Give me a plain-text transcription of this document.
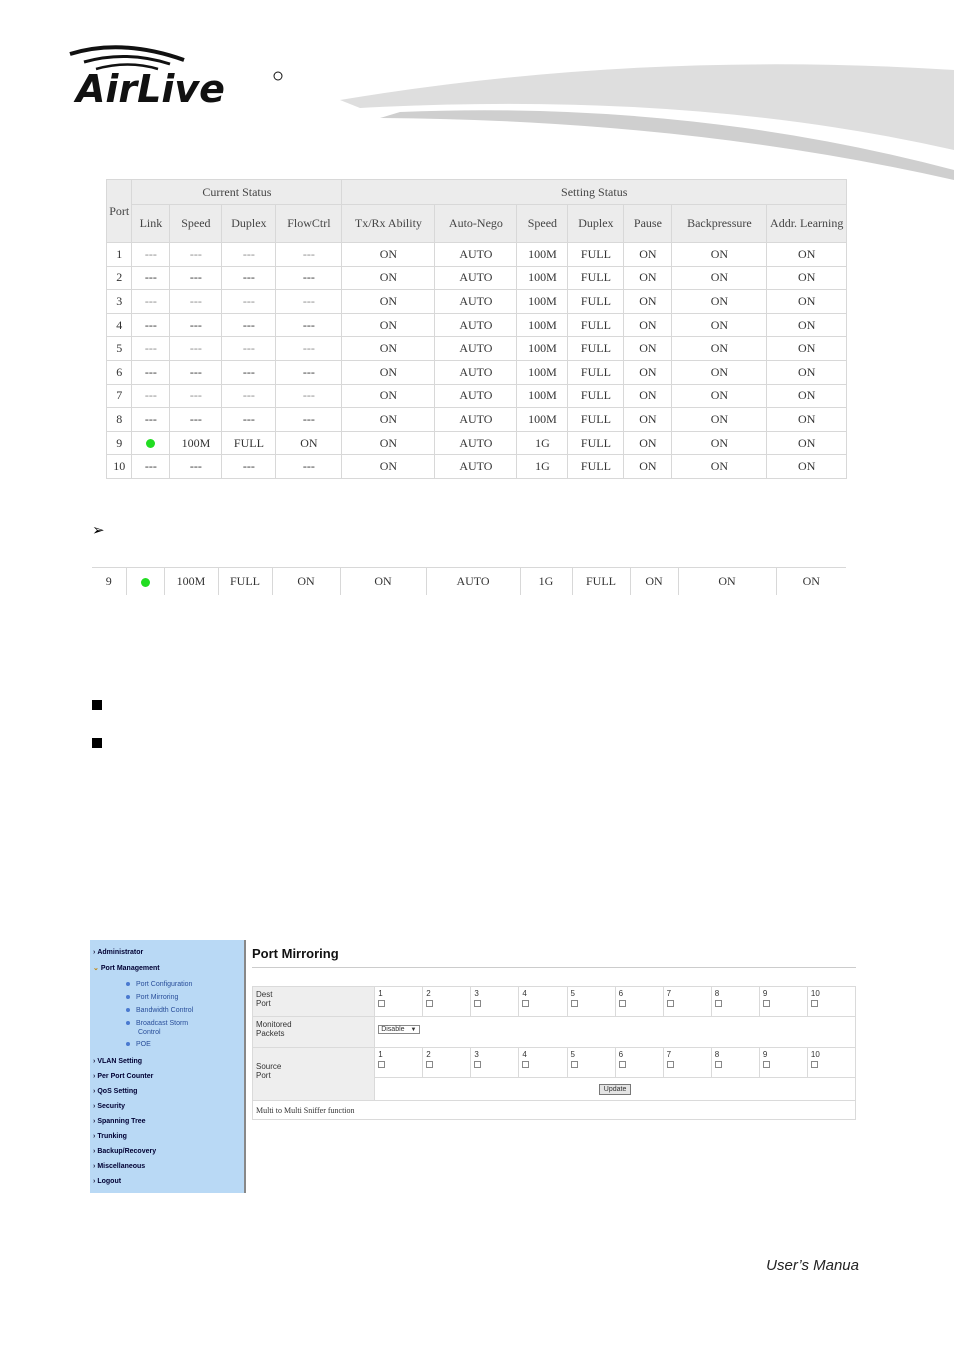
AirLive
Port	Current Status				Setting Status						
	Link	Speed	Duplex	FlowCtrl	Tx/Rx Ability	Auto-Nego	Speed	Duplex	Pause	Backpressure	Addr. Learning
1	---	---	---	---	ON	AUTO	100M	FULL	ON	ON	ON
2	---	---	---	---	ON	AUTO	100M	FULL	ON	ON	ON
3	---	---	---	---	ON	AUTO	100M	FULL	ON	ON	ON
4	---	---	---	---	ON	AUTO	100M	FULL	ON	ON	ON
5	---	---	---	---	ON	AUTO	100M	FULL	ON	ON	ON
6	---	---	---	---	ON	AUTO	100M	FULL	ON	ON	ON
7	---	---	---	---	ON	AUTO	100M	FULL	ON	ON	ON
8	---	---	---	---	ON	AUTO	100M	FULL	ON	ON	ON
9		100M	FULL	ON	ON	AUTO	1G	FULL	ON	ON	ON
10	---	---	---	---	ON	AUTO	1G	FULL	ON	ON	ON
➢
9		100M	FULL	ON	ON	AUTO	1G	FULL	ON	ON	ON
› Administrator
⌄ Port Management
Port Configuration
Port Mirroring
Bandwidth Control
Broadcast Storm
Control
POE
› VLAN Setting
› Per Port Counter
› QoS Setting
› Security
› Spanning Tree
› Trunking
› Backup/Recovery
› Miscellaneous
› Logout
Port Mirroring
Dest
Port	1	2	3	4	5	6	7	8	9	10

Monitored
Packets	Disable ▼									
Source
Port	1	2	3	4	5	6	7	8	9	10

	Update									
Multi to Multi Sniffer function										
User’s Manua
